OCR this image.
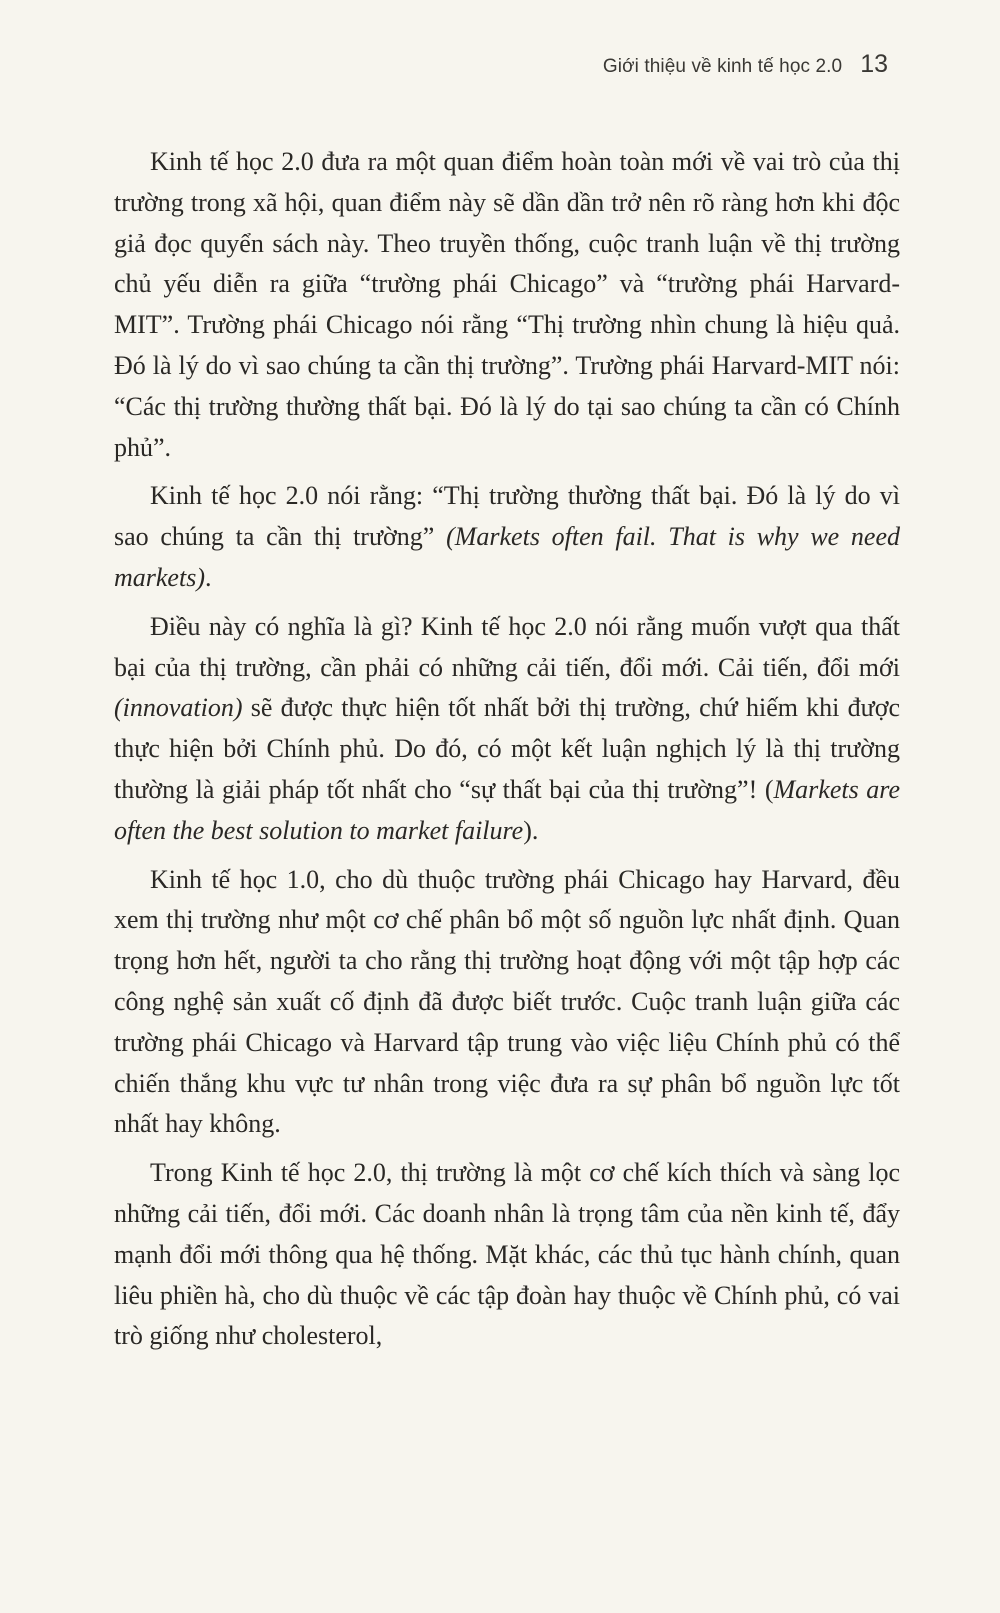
Giới thiệu về kinh tế học 2.0 13

Kinh tế học 2.0 đưa ra một quan điểm hoàn toàn mới về vai trò của thị trường trong xã hội, quan điểm này sẽ dần dần trở nên rõ ràng hơn khi độc giả đọc quyển sách này. Theo truyền thống, cuộc tranh luận về thị trường chủ yếu diễn ra giữa “trường phái Chicago” và “trường phái Harvard-MIT”. Trường phái Chicago nói rằng “Thị trường nhìn chung là hiệu quả. Đó là lý do vì sao chúng ta cần thị trường”. Trường phái Harvard-MIT nói: “Các thị trường thường thất bại. Đó là lý do tại sao chúng ta cần có Chính phủ”.

Kinh tế học 2.0 nói rằng: “Thị trường thường thất bại. Đó là lý do vì sao chúng ta cần thị trường” (Markets often fail. That is why we need markets).

Điều này có nghĩa là gì? Kinh tế học 2.0 nói rằng muốn vượt qua thất bại của thị trường, cần phải có những cải tiến, đổi mới. Cải tiến, đổi mới (innovation) sẽ được thực hiện tốt nhất bởi thị trường, chứ hiếm khi được thực hiện bởi Chính phủ. Do đó, có một kết luận nghịch lý là thị trường thường là giải pháp tốt nhất cho “sự thất bại của thị trường”! (Markets are often the best solution to market failure).

Kinh tế học 1.0, cho dù thuộc trường phái Chicago hay Harvard, đều xem thị trường như một cơ chế phân bổ một số nguồn lực nhất định. Quan trọng hơn hết, người ta cho rằng thị trường hoạt động với một tập hợp các công nghệ sản xuất cố định đã được biết trước. Cuộc tranh luận giữa các trường phái Chicago và Harvard tập trung vào việc liệu Chính phủ có thể chiến thắng khu vực tư nhân trong việc đưa ra sự phân bổ nguồn lực tốt nhất hay không.

Trong Kinh tế học 2.0, thị trường là một cơ chế kích thích và sàng lọc những cải tiến, đổi mới. Các doanh nhân là trọng tâm của nền kinh tế, đẩy mạnh đổi mới thông qua hệ thống. Mặt khác, các thủ tục hành chính, quan liêu phiền hà, cho dù thuộc về các tập đoàn hay thuộc về Chính phủ, có vai trò giống như cholesterol,
